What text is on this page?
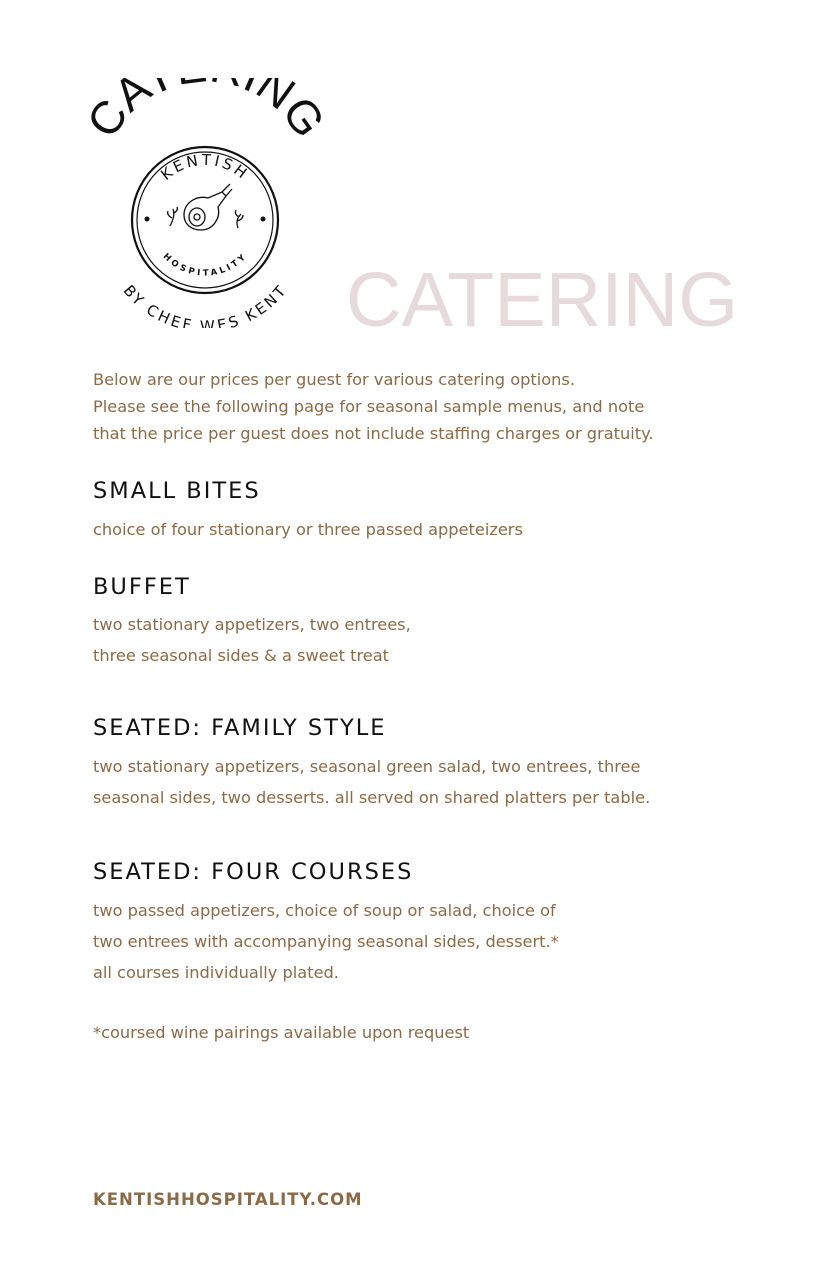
CA NG
KENTISH
HOSPITALITY
BY CHEF WES KENT CATERING
Below are our prices per guest for various catering options.
Please see the following page for seasonal sample menus, and note
that the price per guest does not include staffing charges or gratuity.
SMALL BITES
choice of four stationary or three passed appeteizers
BUFFET
two stationary appetizers, two entrees,
three seasonal sides & a sweet treat
SEATED: FAMILY STYLE
two stationary appetizers, seasonal green salad, two entrees, three
seasonal sides, two desserts. all served on shared platters per table.
SEATED: FOUR COURSES
two passed appetizers, choice of soup or salad, choice of
two entrees with accompanying seasonal sides, dessert.*
all courses individually plated.
*coursed wine pairings available upon request
KENTISHHOSPITALITY.COM
